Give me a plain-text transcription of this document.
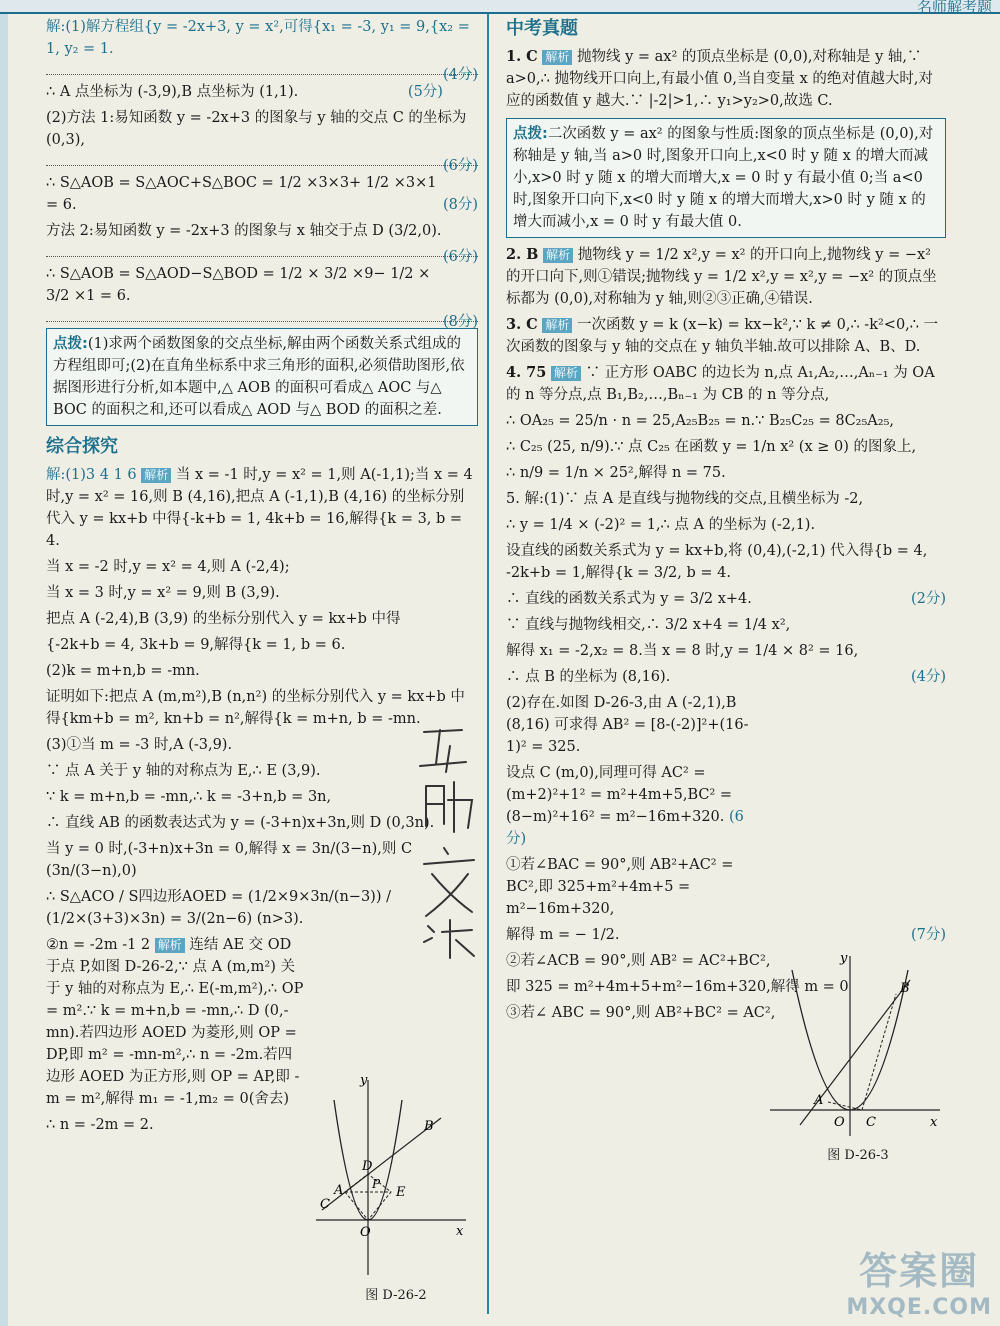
名师解考题

解:(1)解方程组{y = -2x+3, y = x²,可得{x₁ = -3, y₁ = 9,{x₂ = 1, y₂ = 1.

(4分)

∴ A 点坐标为 (-3,9),B 点坐标为 (1,1).	(5分)

(2)方法 1:易知函数 y = -2x+3 的图象与 y 轴的交点 C 的坐标为 (0,3),

(6分)

∴ S△AOB = S△AOC+S△BOC = 1/2 ×3×3+ 1/2 ×3×1 = 6.	(8分)

方法 2:易知函数 y = -2x+3 的图象与 x 轴交于点 D (3/2,0).

(6分)

∴ S△AOB = S△AOD−S△BOD = 1/2 × 3/2 ×9− 1/2 × 3/2 ×1 = 6.

(8分)
点拨:(1)求两个函数图象的交点坐标,解由两个函数关系式组成的方程组即可;(2)在直角坐标系中求三角形的面积,必须借助图形,依据图形进行分析,如本题中,△ AOB 的面积可看成△ AOC 与△ BOC 的面积之和,还可以看成△ AOD 与△ BOD 的面积之差.
综合探究

解:(1)3 4 1 6 解析 当 x = -1 时,y = x² = 1,则 A(-1,1);当 x = 4 时,y = x² = 16,则 B (4,16),把点 A (-1,1),B (4,16) 的坐标分别代入 y = kx+b 中得{-k+b = 1, 4k+b = 16,解得{k = 3, b = 4.

当 x = -2 时,y = x² = 4,则 A (-2,4);

当 x = 3 时,y = x² = 9,则 B (3,9).

把点 A (-2,4),B (3,9) 的坐标分别代入 y = kx+b 中得

{-2k+b = 4, 3k+b = 9,解得{k = 1, b = 6.

(2)k = m+n,b = -mn.

证明如下:把点 A (m,m²),B (n,n²) 的坐标分别代入 y = kx+b 中得{km+b = m², kn+b = n²,解得{k = m+n, b = -mn.

(3)①当 m = -3 时,A (-3,9).

∵ 点 A 关于 y 轴的对称点为 E,∴ E (3,9).

∵ k = m+n,b = -mn,∴ k = -3+n,b = 3n,

∴ 直线 AB 的函数表达式为 y = (-3+n)x+3n,则 D (0,3n).

当 y = 0 时,(-3+n)x+3n = 0,解得 x = 3n/(3−n),则 C (3n/(3−n),0)

∴ S△ACO / S四边形AOED = (1/2×9×3n/(n−3)) / (1/2×(3+3)×3n) = 3/(2n−6) (n>3).

②n = -2m -1 2 解析 连结 AE 交 OD 于点 P,如图 D-26-2,∵ 点 A (m,m²) 关于 y 轴的对称点为 E,∴ E(-m,m²),∴ OP = m².∵ k = m+n,b = -mn,∴ D (0,-mn).若四边形 AOED 为菱形,则 OP = DP,即 m² = -mn-m²,∴ n = -2m.若四边形 AOED 为正方形,则 OP = AP,即 -m = m²,解得 m₁ = -1,m₂ = 0(舍去)

∴ n = -2m = 2.

y
x
O
A
B
C
D
E
P
图 D-26-2
中考真题

1. C 解析 抛物线 y = ax² 的顶点坐标是 (0,0),对称轴是 y 轴,∵ a>0,∴ 抛物线开口向上,有最小值 0,当自变量 x 的绝对值越大时,对应的函数值 y 越大.∵ |-2|>1,∴ y₁>y₂>0,故选 C.

点拨:二次函数 y = ax² 的图象与性质:图象的顶点坐标是 (0,0),对称轴是 y 轴,当 a>0 时,图象开口向上,x<0 时 y 随 x 的增大而减小,x>0 时 y 随 x 的增大而增大,x = 0 时 y 有最小值 0;当 a<0 时,图象开口向下,x<0 时 y 随 x 的增大而增大,x>0 时 y 随 x 的增大而减小,x = 0 时 y 有最大值 0.

2. B 解析 抛物线 y = 1/2 x²,y = x² 的开口向上,抛物线 y = −x² 的开口向下,则①错误;抛物线 y = 1/2 x²,y = x²,y = −x² 的顶点坐标都为 (0,0),对称轴为 y 轴,则②③正确,④错误.

3. C 解析 一次函数 y = k (x−k) = kx−k²,∵ k ≠ 0,∴ -k²<0,∴ 一次函数的图象与 y 轴的交点在 y 轴负半轴.故可以排除 A、B、D.

4. 75 解析 ∵ 正方形 OABC 的边长为 n,点 A₁,A₂,…,Aₙ₋₁ 为 OA 的 n 等分点,点 B₁,B₂,…,Bₙ₋₁ 为 CB 的 n 等分点,

∴ OA₂₅ = 25/n · n = 25,A₂₅B₂₅ = n.∵ B₂₅C₂₅ = 8C₂₅A₂₅,

∴ C₂₅ (25, n/9).∵ 点 C₂₅ 在函数 y = 1/n x² (x ≥ 0) 的图象上,

∴ n/9 = 1/n × 25²,解得 n = 75.

5. 解:(1)∵ 点 A 是直线与抛物线的交点,且横坐标为 -2,

∴ y = 1/4 × (-2)² = 1,∴ 点 A 的坐标为 (-2,1).

设直线的函数关系式为 y = kx+b,将 (0,4),(-2,1) 代入得{b = 4, -2k+b = 1,解得{k = 3/2, b = 4.

∴ 直线的函数关系式为 y = 3/2 x+4.	(2分)

∵ 直线与抛物线相交,∴ 3/2 x+4 = 1/4 x²,

解得 x₁ = -2,x₂ = 8.当 x = 8 时,y = 1/4 × 8² = 16,

∴ 点 B 的坐标为 (8,16).	(4分)

(2)存在.如图 D-26-3,由 A (-2,1),B (8,16) 可求得 AB² = [8-(-2)]²+(16-1)² = 325.

设点 C (m,0),同理可得 AC² = (m+2)²+1² = m²+4m+5,BC² = (8−m)²+16² = m²−16m+320. (6分)

①若∠BAC = 90°,则 AB²+AC² = BC²,即 325+m²+4m+5 = m²−16m+320,

解得 m = − 1/2.	(7分)

②若∠ACB = 90°,则 AB² = AC²+BC²,

即 325 = m²+4m+5+m²−16m+320,解得 m = 0

③若∠ ABC = 90°,则 AB²+BC² = AC²,

y
x
O
A
B
C
图 D-26-3
答案圈
MXQE.COM
